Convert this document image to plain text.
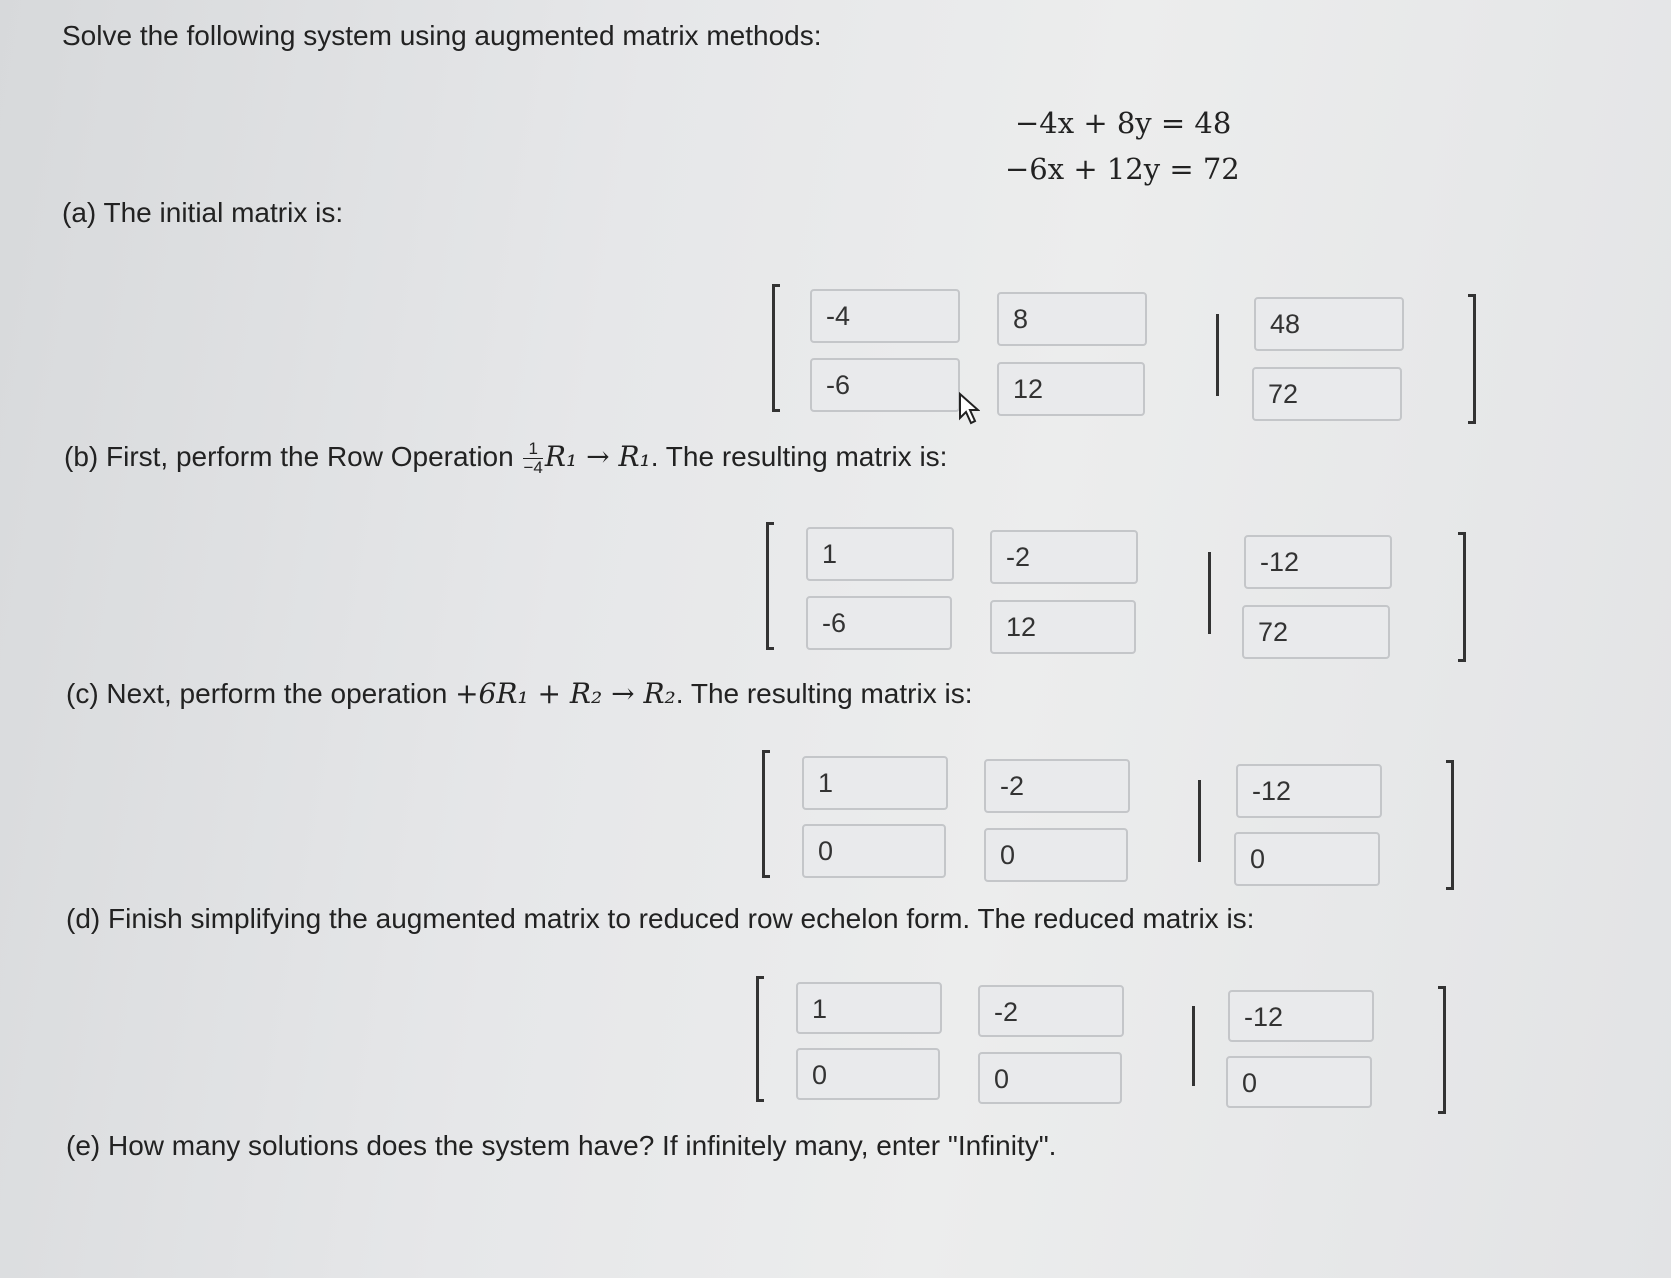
Solve the following system using augmented matrix methods:
−4x + 8y = 48
−6x + 12y = 72
(a) The initial matrix is:
-4	8	48
-6	12	72
(b) First, perform the Row Operation $\frac{1}{-4} R_1 \to R_1$. The resulting matrix is:
1	-2	-12
-6	12	72
(c) Next, perform the operation +6R₁ + R₂ → R₂. The resulting matrix is:
1	-2	-12
0	0	0
(d) Finish simplifying the augmented matrix to reduced row echelon form. The reduced matrix is:
1	-2	-12
0	0	0
(e) How many solutions does the system have? If infinitely many, enter "Infinity".
